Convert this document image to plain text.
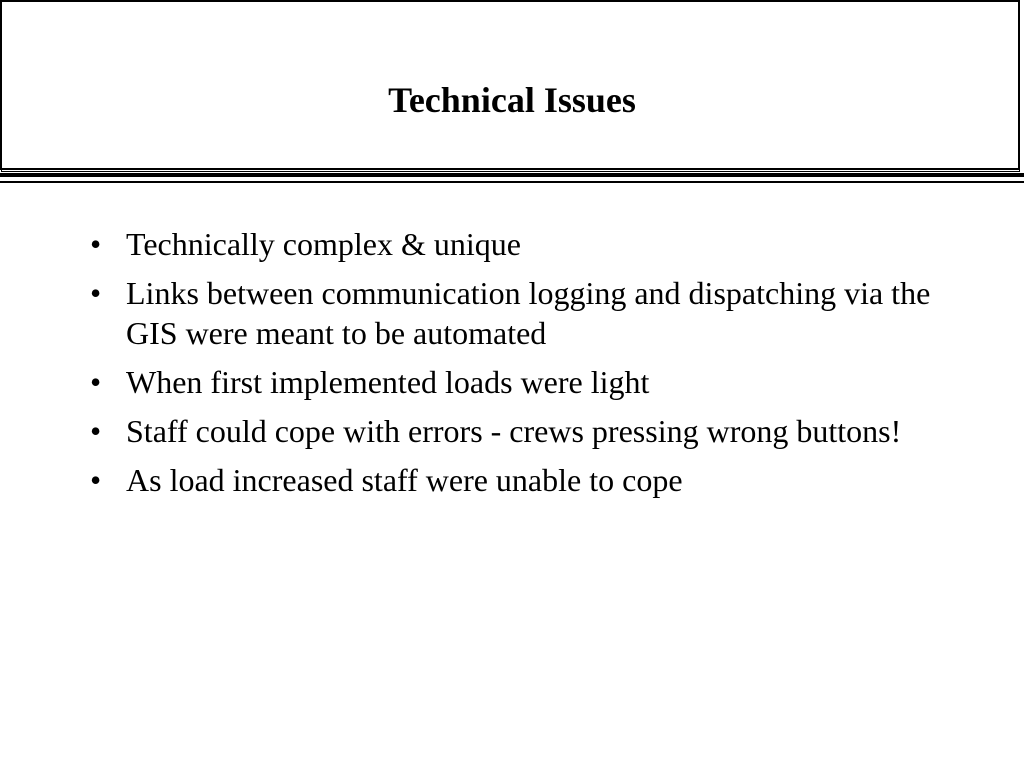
Technical Issues
• Technically complex & unique
• Links between communication logging and dispatching via the GIS were meant to be automated
• When first implemented loads were light
• Staff could cope with errors - crews pressing wrong buttons!
• As load increased staff were unable to cope
